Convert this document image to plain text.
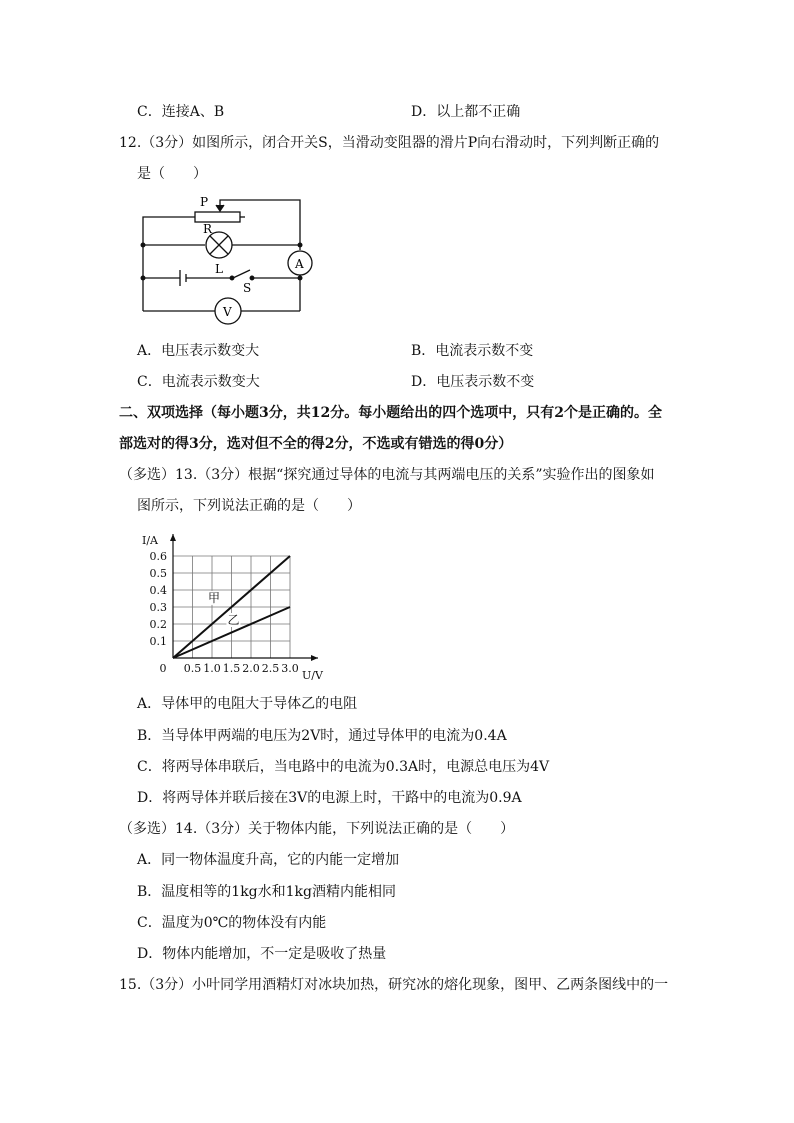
C．连接A、B	D．以上都不正确
12.（3分）如图所示，闭合开关S，当滑动变阻器的滑片P向右滑动时，下列判断正确的
是（　　）
P
R
L
S
A
V
A．电压表示数变大	B．电流表示数不变
C．电流表示数变大	D．电压表示数不变
二、双项选择（每小题3分，共12分。每小题给出的四个选项中，只有2个是正确的。全
部选对的得3分，选对但不全的得2分，不选或有错选的得0分）
（多选）13.（3分）根据“探究通过导体的电流与其两端电压的关系”实验作出的图象如
图所示，下列说法正确的是（　　）
0.5 1.0 1.5 2.0 2.5 3.0
0.1
0.2
0.3
0.4
0.5
0.6
0
U/V
I/A
甲
乙
A．导体甲的电阻大于导体乙的电阻
B．当导体甲两端的电压为2V时，通过导体甲的电流为0.4A
C．将两导体串联后，当电路中的电流为0.3A时，电源总电压为4V
D．将两导体并联后接在3V的电源上时，干路中的电流为0.9A
（多选）14.（3分）关于物体内能，下列说法正确的是（　　）
A．同一物体温度升高，它的内能一定增加
B．温度相等的1kg水和1kg酒精内能相同
C．温度为0℃的物体没有内能
D．物体内能增加，不一定是吸收了热量
15.（3分）小叶同学用酒精灯对冰块加热，研究冰的熔化现象，图甲、乙两条图线中的一
